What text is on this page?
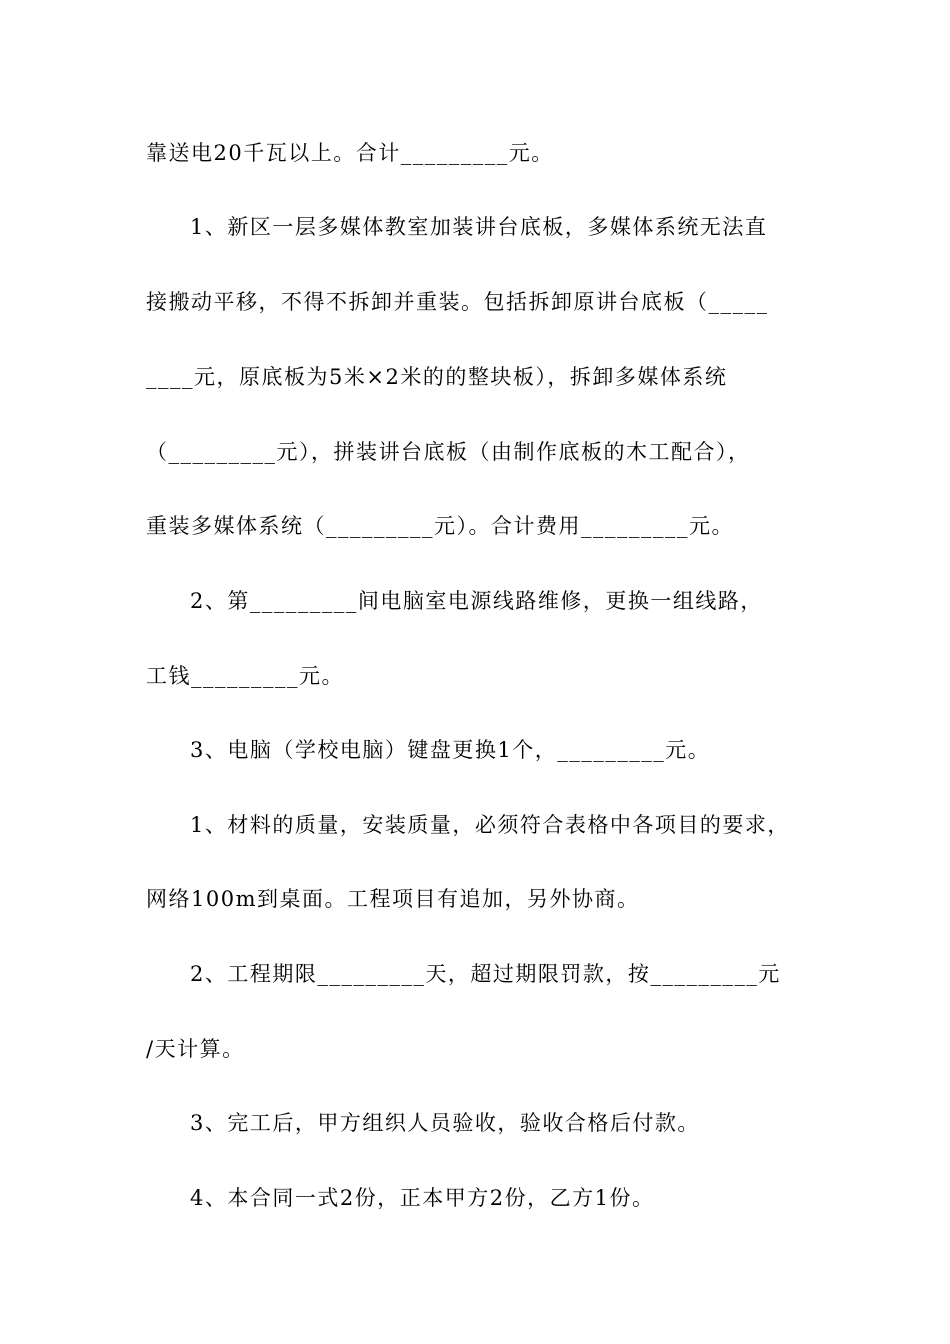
靠送电20千瓦以上。合计_________元。
1、新区一层多媒体教室加装讲台底板，多媒体系统无法直
接搬动平移，不得不拆卸并重装。包括拆卸原讲台底板（_____
____元，原底板为5米×2米的的整块板），拆卸多媒体系统
（_________元），拼装讲台底板（由制作底板的木工配合），
重装多媒体系统（_________元）。合计费用_________元。
2、第_________间电脑室电源线路维修，更换一组线路，
工钱_________元。
3、电脑（学校电脑）键盘更换1个，_________元。
1、材料的质量，安装质量，必须符合表格中各项目的要求，
网络100m到桌面。工程项目有追加，另外协商。
2、工程期限_________天，超过期限罚款，按_________元
/天计算。
3、完工后，甲方组织人员验收，验收合格后付款。
4、本合同一式2份，正本甲方2份，乙方1份。
